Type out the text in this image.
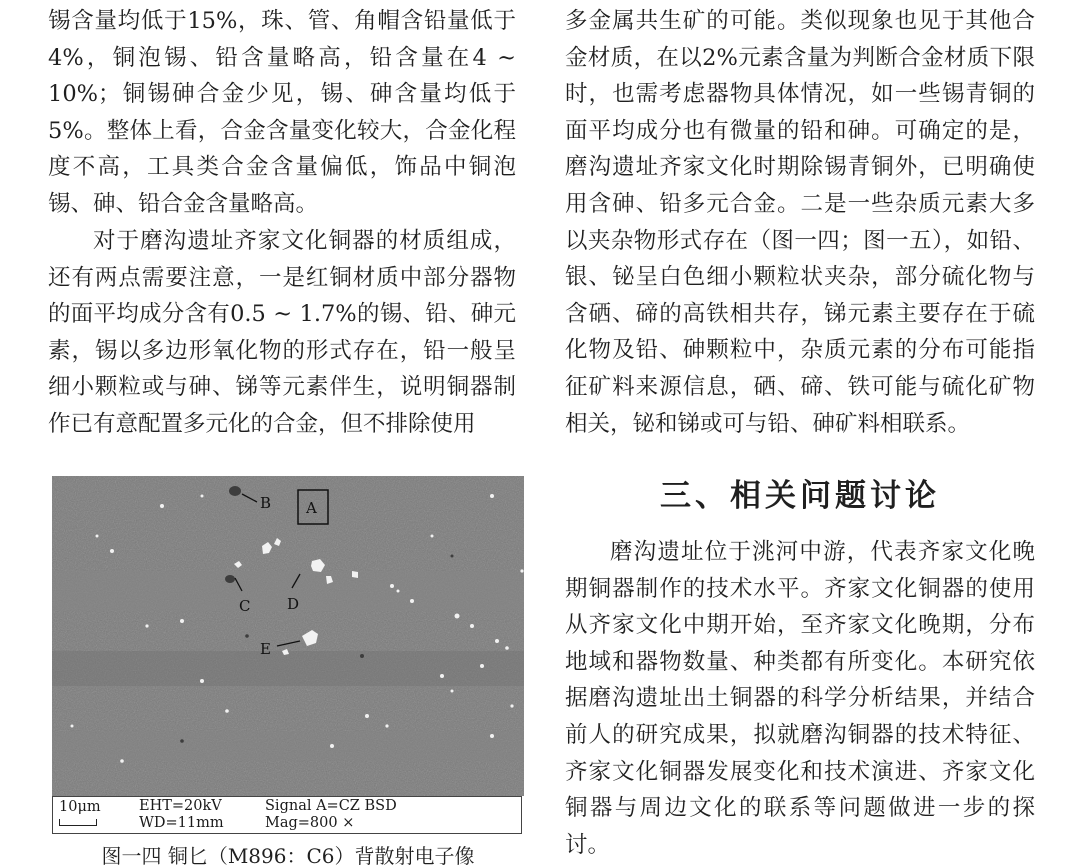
锡含量均低于15%，珠、管、角帽含铅量低于4%，铜泡锡、铅含量略高，铅含量在4 ~ 10%；铜锡砷合金少见，锡、砷含量均低于5%。整体上看，合金含量变化较大，合金化程度不高，工具类合金含量偏低，饰品中铜泡锡、砷、铅合金含量略高。

对于磨沟遗址齐家文化铜器的材质组成，还有两点需要注意，一是红铜材质中部分器物的面平均成分含有0.5 ~ 1.7%的锡、铅、砷元素，锡以多边形氧化物的形式存在，铅一般呈细小颗粒或与砷、锑等元素伴生，说明铜器制作已有意配置多元化的合金，但不排除使用

A
B
C D
E
10μm	EHT=20kV
WD=11mm
Signal A=CZ BSD
Mag=800 ×
图一四 铜匕（M896：C6）背散射电子像

多金属共生矿的可能。类似现象也见于其他合金材质，在以2%元素含量为判断合金材质下限时，也需考虑器物具体情况，如一些锡青铜的面平均成分也有微量的铅和砷。可确定的是，磨沟遗址齐家文化时期除锡青铜外，已明确使用含砷、铅多元合金。二是一些杂质元素大多以夹杂物形式存在（图一四；图一五），如铅、银、铋呈白色细小颗粒状夹杂，部分硫化物与含硒、碲的高铁相共存，锑元素主要存在于硫化物及铅、砷颗粒中，杂质元素的分布可能指征矿料来源信息，硒、碲、铁可能与硫化矿物相关，铋和锑或可与铅、砷矿料相联系。

三、相关问题讨论

磨沟遗址位于洮河中游，代表齐家文化晚期铜器制作的技术水平。齐家文化铜器的使用从齐家文化中期开始，至齐家文化晚期，分布地域和器物数量、种类都有所变化。本研究依据磨沟遗址出土铜器的科学分析结果，并结合前人的研究成果，拟就磨沟铜器的技术特征、齐家文化铜器发展变化和技术演进、齐家文化铜器与周边文化的联系等问题做进一步的探讨。
